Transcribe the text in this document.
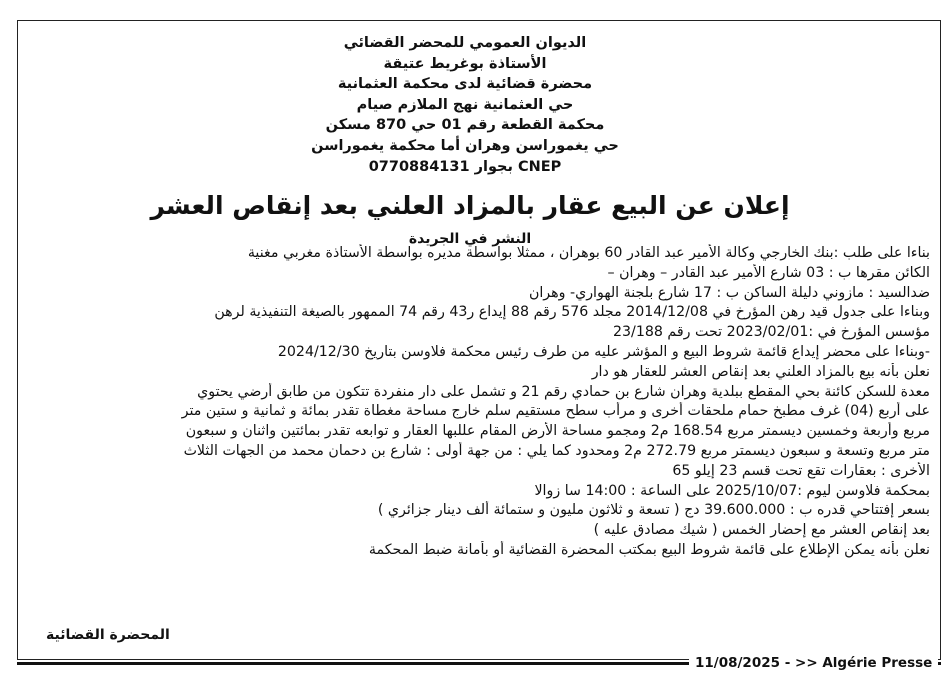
الديوان العمومي للمحضر القضائي
الأستاذة بوغريط عتيقة
محضرة قضائية لدى محكمة العثمانية
حي العثمانية نهج الملازم صيام
محكمة القطعة رقم 01 حي 870 مسكن
حي يغموراسن وهران أما محكمة يغموراسن
CNEP بجوار 0770884131
إعلان عن البيع عقار بالمزاد العلني بعد إنقاص العشر
النشر في الجريدة
بناءا على طلب :بنك الخارجي وكالة الأمير عبد القادر 60 بوهران ، ممثلا بواسطة مديره بواسطة الأستاذة مغربي مغنية
الكائن مقرها ب : 03 شارع الأمير عبد القادر – وهران –
ضدالسيد : مازوني دليلة الساكن ب : 17 شارع بلجنة الهواري- وهران
وبناءا على جدول قيد رهن المؤرخ في 2014/12/08 مجلد 576 رقم 88 إيداع ر43 رقم 74 الممهور بالصيغة التنفيذية لرهن
مؤسس المؤرخ في :2023/02/01 تحت رقم 23/188
-وبناءا على محضر إيداع قائمة شروط البيع و المؤشر عليه من طرف رئيس محكمة فلاوسن بتاريخ 2024/12/30
نعلن بأنه بيع بالمزاد العلني بعد إنقاص العشر للعقار هو دار
معدة للسكن كائنة بحي المقطع ببلدية وهران شارع بن حمادي رقم 21 و تشمل على دار منفردة تتكون من طابق أرضي يحتوي
على أربع (04) غرف مطبخ حمام ملحقات أخرى و مرأب سطح مستقيم سلم خارج مساحة مغطاة تقدر بمائة و ثمانية و ستين متر
مربع وأربعة وخمسين ديسمتر مربع 168.54 م2 ومجمو مساحة الأرض المقام عللبها العقار و توابعه تقدر بمائتين واثنان و سبعون
متر مربع وتسعة و سبعون ديسمتر مربع 272.79 م2 ومحدود كما يلي : من جهة أولى : شارع بن دحمان محمد من الجهات الثلاث
الأخرى : بعقارات تقع تحت قسم 23 إيلو 65
بمحكمة فلاوسن ليوم :2025/10/07 على الساعة : 14:00 سا زوالا
بسعر إفتتاحي قدره ب : 39.600.000 دج ( تسعة و ثلاثون مليون و ستمائة ألف دينار جزائري )
بعد إنقاص العشر مع إحضار الخمس ( شيك مصادق عليه )
نعلن بأنه يمكن الإطلاع على قائمة شروط البيع بمكتب المحضرة القضائية أو بأمانة ضبط المحكمة
المحضرة القضائية
11/08/2025 - >> Algérie Presse
